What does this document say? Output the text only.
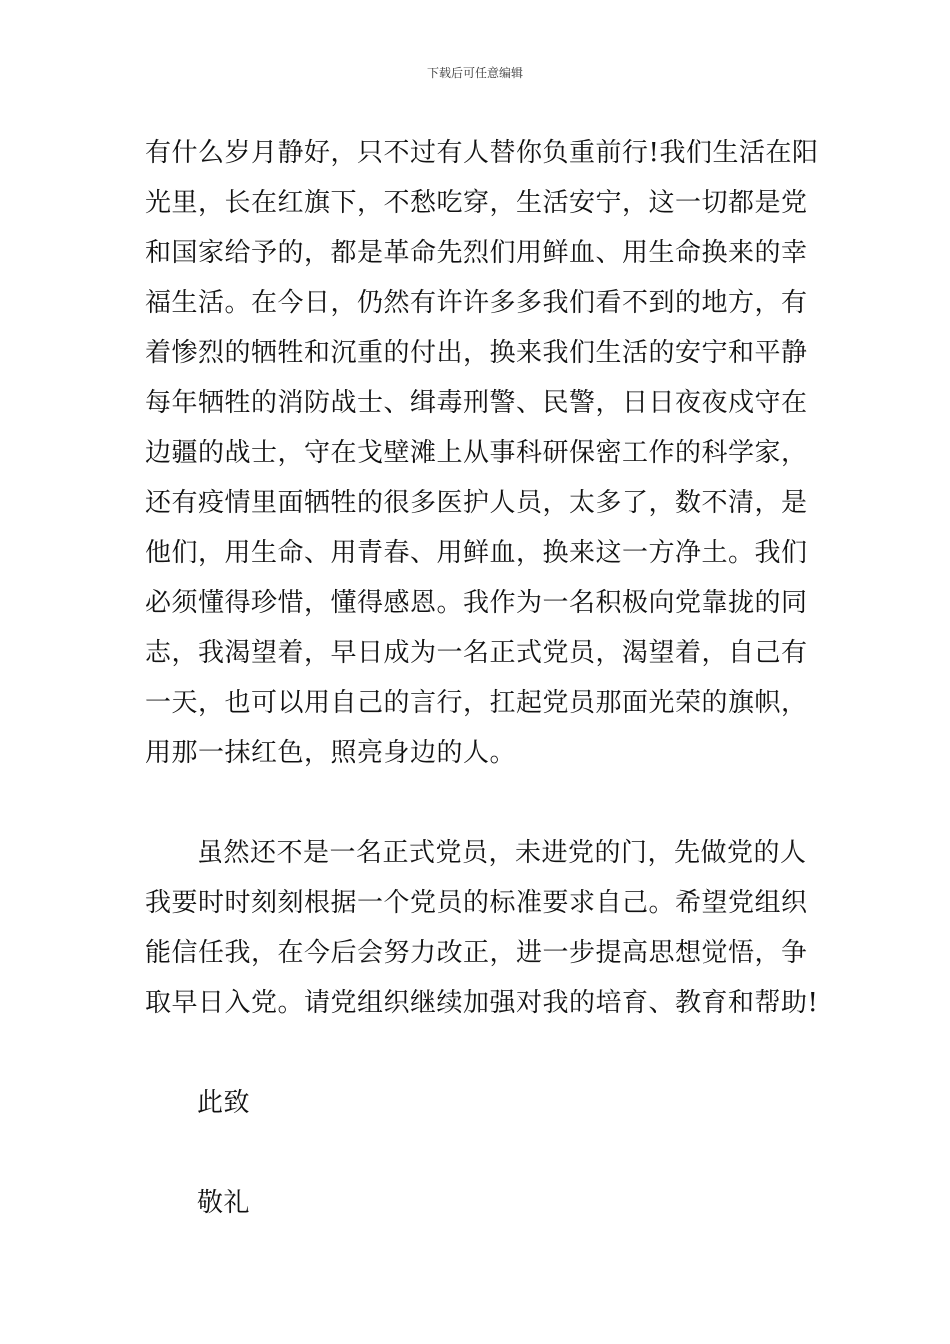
下载后可任意编辑
有什么岁月静好，只不过有人替你负重前行!我们生活在阳
光里，长在红旗下，不愁吃穿，生活安宁，这一切都是党
和国家给予的，都是革命先烈们用鲜血、用生命换来的幸
福生活。在今日，仍然有许许多多我们看不到的地方，有
着惨烈的牺牲和沉重的付出，换来我们生活的安宁和平静
每年牺牲的消防战士、缉毒刑警、民警，日日夜夜戍守在
边疆的战士，守在戈壁滩上从事科研保密工作的科学家，
还有疫情里面牺牲的很多医护人员，太多了，数不清，是
他们，用生命、用青春、用鲜血，换来这一方净土。我们
必须懂得珍惜，懂得感恩。我作为一名积极向党靠拢的同
志，我渴望着，早日成为一名正式党员，渴望着，自己有
一天，也可以用自己的言行，扛起党员那面光荣的旗帜，
用那一抹红色，照亮身边的人。
虽然还不是一名正式党员，未进党的门，先做党的人
我要时时刻刻根据一个党员的标准要求自己。希望党组织
能信任我，在今后会努力改正，进一步提高思想觉悟，争
取早日入党。请党组织继续加强对我的培育、教育和帮助!
此致
敬礼
